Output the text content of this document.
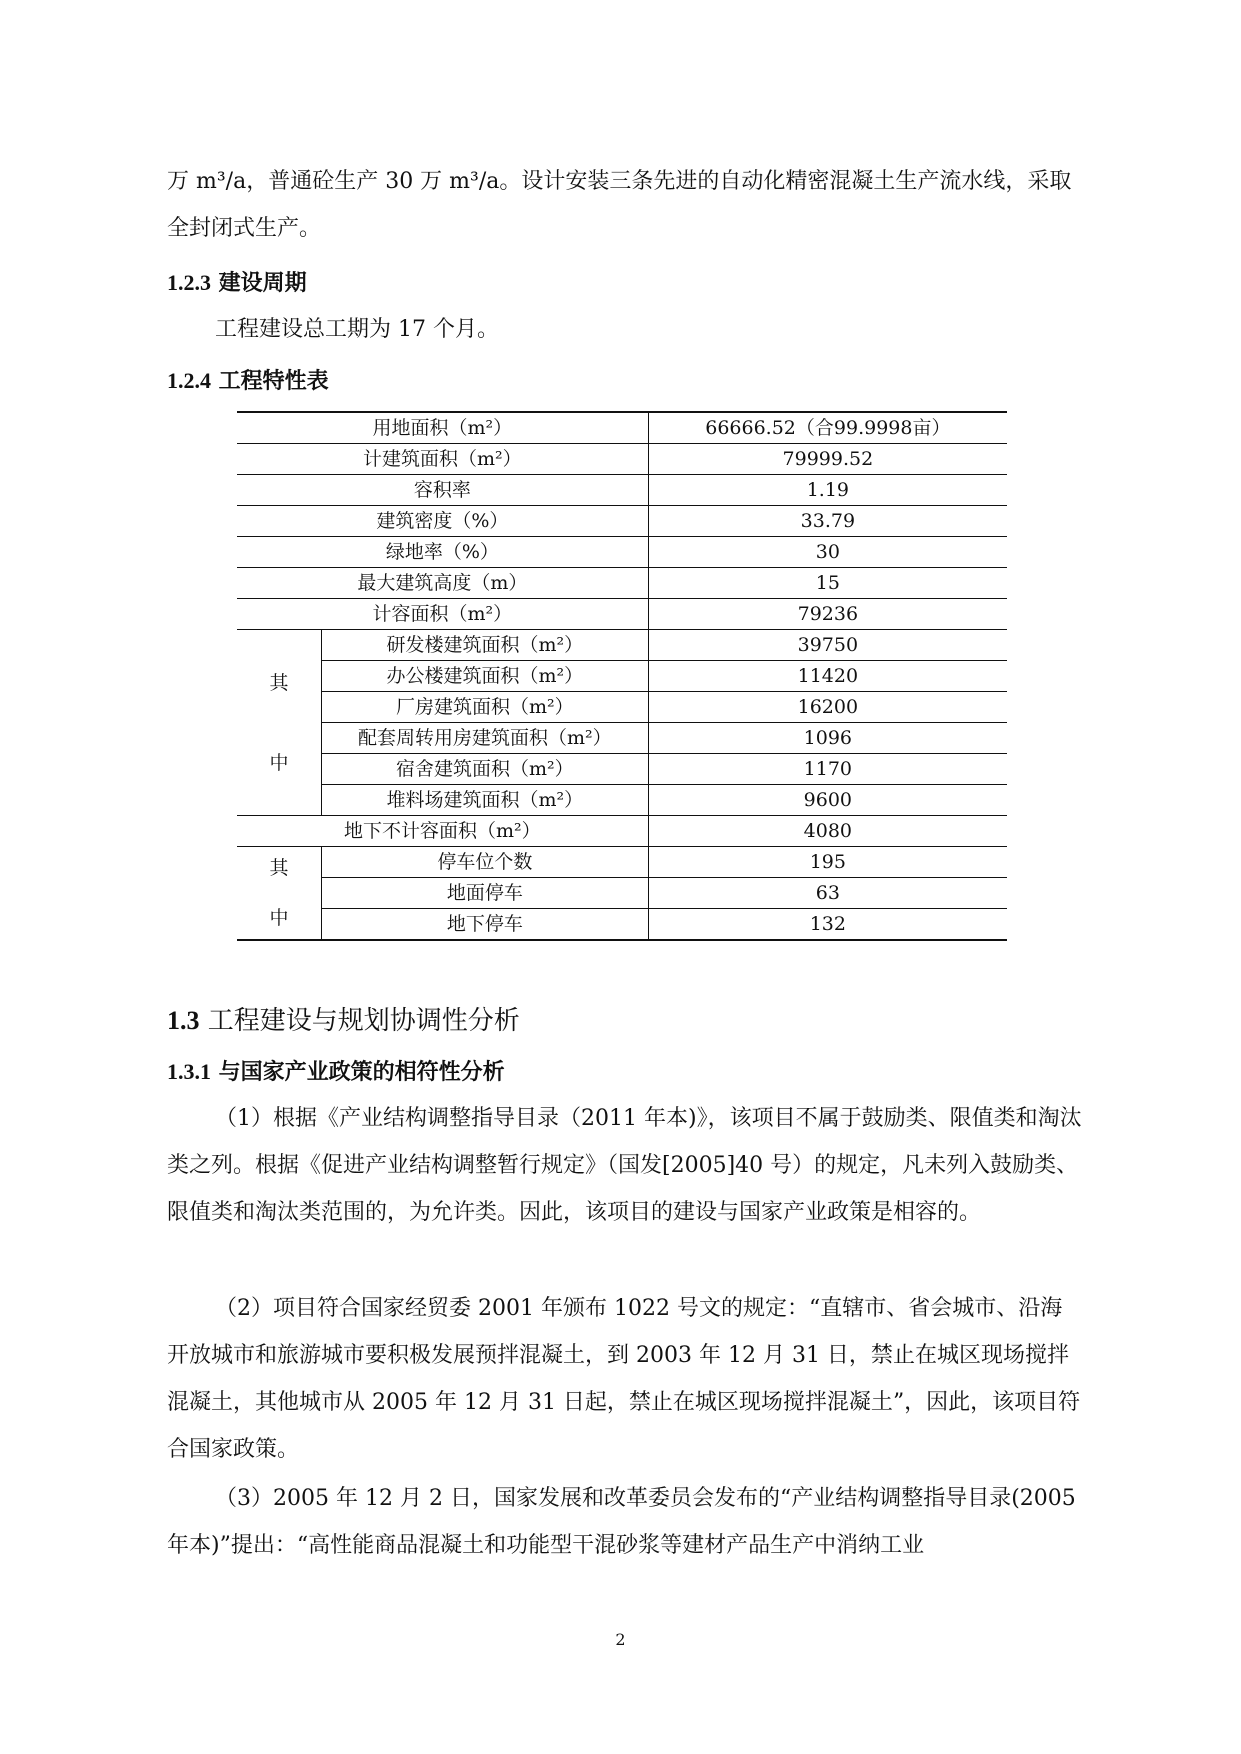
万 m³/a，普通砼生产 30 万 m³/a。设计安装三条先进的自动化精密混凝土生产流水线，采取全封闭式生产。

1.2.3 建设周期

工程建设总工期为 17 个月。

1.2.4 工程特性表

用地面积（m²）		66666.52（合99.9998亩）
计建筑面积（m²）		79999.52
容积率		1.19
建筑密度（%）		33.79
绿地率（%）		30
最大建筑高度（m）		15
计容面积（m²）		79236

其
中	研发楼建筑面积（m²）	39750
	办公楼建筑面积（m²）	11420
	厂房建筑面积（m²）	16200
	配套周转用房建筑面积（m²）	1096
	宿舍建筑面积（m²）	1170
	堆料场建筑面积（m²）	9600
地下不计容面积（m²）		4080

其
中	停车位个数	195
	地面停车	63
	地下停车	132

1.3 工程建设与规划协调性分析

1.3.1 与国家产业政策的相符性分析

（1）根据《产业结构调整指导目录（2011 年本)》，该项目不属于鼓励类、限值类和淘汰类之列。根据《促进产业结构调整暂行规定》（国发[2005]40 号）的规定，凡未列入鼓励类、限值类和淘汰类范围的，为允许类。因此，该项目的建设与国家产业政策是相容的。

（2）项目符合国家经贸委 2001 年颁布 1022 号文的规定：“直辖市、省会城市、沿海开放城市和旅游城市要积极发展预拌混凝土，到 2003 年 12 月 31 日，禁止在城区现场搅拌混凝土，其他城市从 2005 年 12 月 31 日起，禁止在城区现场搅拌混凝土”，因此，该项目符合国家政策。

（3）2005 年 12 月 2 日，国家发展和改革委员会发布的“产业结构调整指导目录(2005 年本)”提出：“高性能商品混凝土和功能型干混砂浆等建材产品生产中消纳工业

2
